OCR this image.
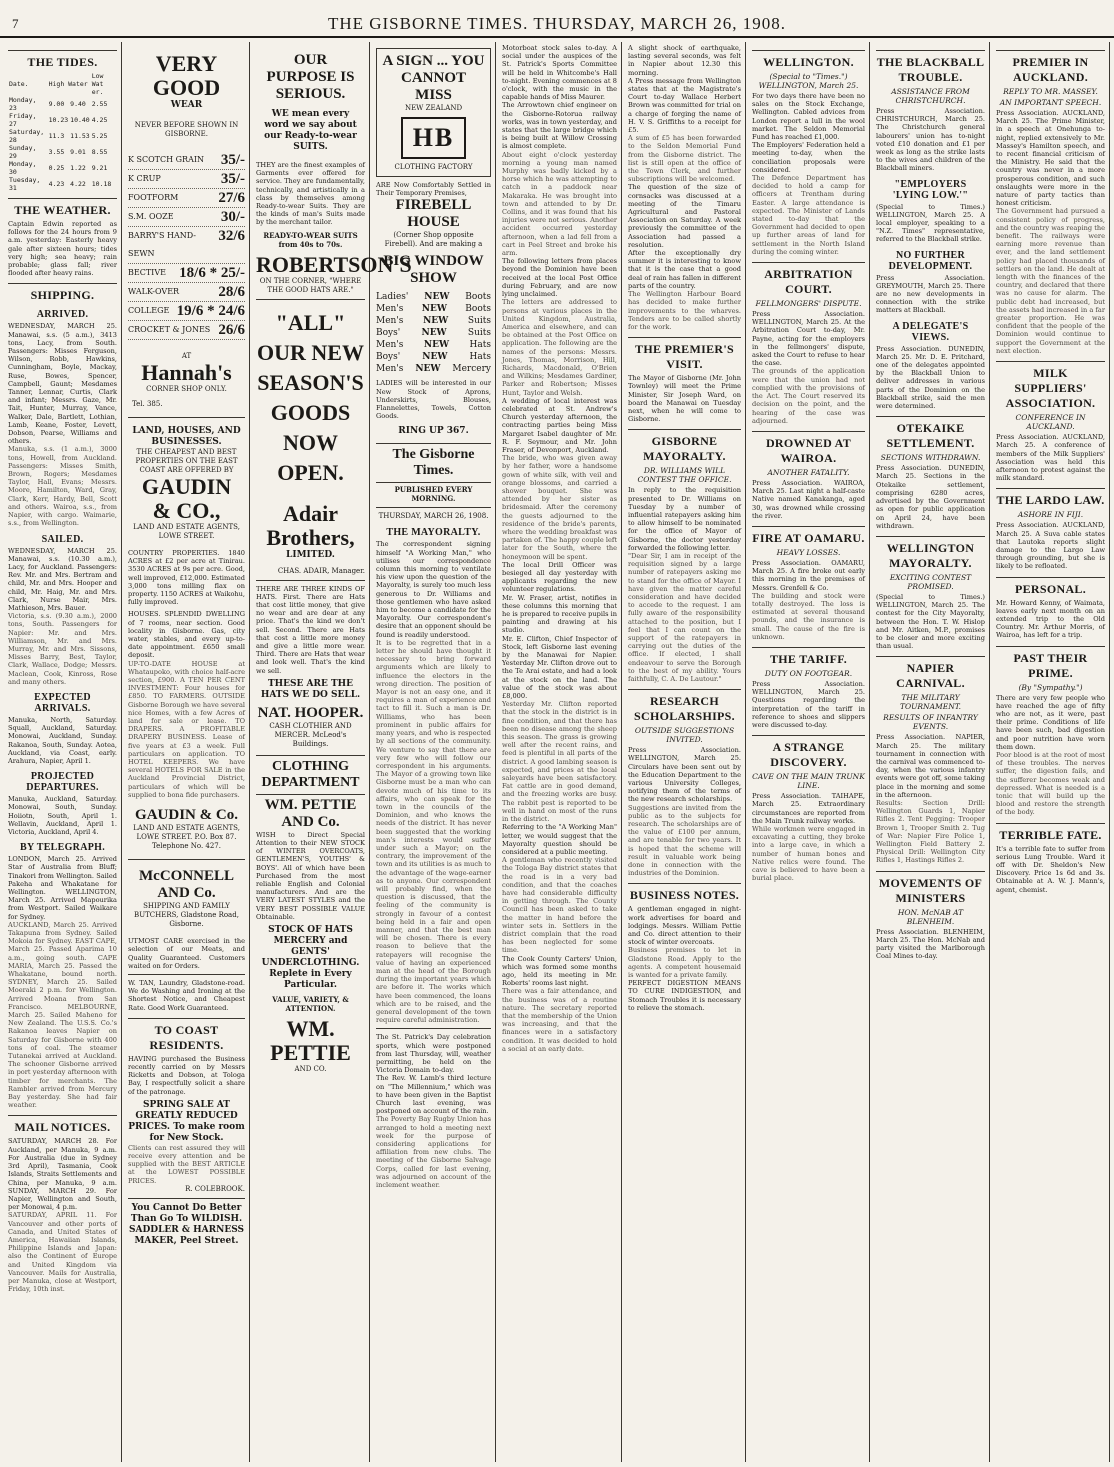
THE GISBORNE TIMES. THURSDAY, MARCH 26, 1908.
7
THE TIDES.
Date.	High Water		Low Wat er.
Monday, 23	9.00	9.40	2.55
Friday, 27	10.23	10.40	4.25
Saturday, 28	11.3	11.53	5.25
Sunday, 29	3.55	9.01	8.55
Monday, 30	0.25	1.22	9.21
Tuesday, 31	4.23	4.22	10.18
THE WEATHER.
Captain Edwin reported as follows for the 24 hours from 9 a.m. yesterday: Easterly heavy gale after sixteen hours; tides very high; sea heavy; rain probable; glass fall; river flooded after heavy rains.
SHIPPING.
ARRIVED.
WEDNESDAY, MARCH 25. Manawai, s.s. (5 a.m.), 3413 tons, Lacy, from South. Passengers: Misses Ferguson, Wilson, Robb, Hawkins, Cunningham, Boyle, Mackay, Ruse, Bowes, Spencer, Campbell, Gaunt; Mesdames Tanner, Lennar, Curtis, Clark and infant; Messrs. Gaze, Mr. Tait, Hunter, Murray, Vance, Walker, Dale, Bartlett, Lothian, Lamb, Keane, Foster, Levett, Dobson, Pearse, Williams and others.
Manuka, s.s. (1 a.m.), 3000 tons, Howell, from Auckland. Passengers: Misses Smith, Brown, Rogers; Mesdames Taylor, Hall, Evans; Messrs. Moore, Hamilton, Ward, Gray, Clark, Kerr, Hardy, Bell, Scott and others. Wairoa, s.s., from Napier, with cargo. Waimarie, s.s., from Wellington.
SAILED.
WEDNESDAY, MARCH 25. Manawai, s.s. (10.30 a.m.), Lacy, for Auckland. Passengers: Rev. Mr. and Mrs. Bertram and child, Mr. and Mrs. Hooper and child, Mr. Haig, Mr. and Mrs. Clark, Nurse Mair, Mrs. Mathieson, Mrs. Bauer.
Victoria, s.s. (9.30 a.m.), 2000 tons, South. Passengers for Napier: Mr. and Mrs. Williamson, Mr. and Mrs. Murray, Mr. and Mrs. Sissons, Misses Barry, Best, Taylor, Clark, Wallace, Dodge; Messrs. Maclean, Cook, Kinross, Rose and many others.
EXPECTED ARRIVALS.
Manuka, North, Saturday. Squall, Auckland, Saturday. Monowai, Auckland, Sunday. Rakanoa, South, Sunday. Aotea, Auckland, via Coast, early. Arahura, Napier, April 1.
PROJECTED DEPARTURES.
Manuka, Auckland, Saturday. Monowai, South, Sunday. Hoiiotn, South, April 1. Wellavin, Auckland, April 1. Victoria, Auckland, April 4.
BY TELEGRAPH.
LONDON, March 25. Arrived Star of Australia from Bluff; Tinakori from Wellington. Sailed Pakeha and Whakatane for Wellington. WELLINGTON, March 25. Arrived Mapourika from Westport. Sailed Waikare for Sydney.
AUCKLAND, March 25. Arrived Takapuna from Sydney. Sailed Mokoia for Sydney. EAST CAPE, March 25. Passed Aparima 10 a.m., going south. CAPE MARIA, March 25. Passed the Whakatane, bound north. SYDNEY, March 25. Sailed Moeraki 2 p.m. for Wellington. Arrived Moana from San Francisco. MELBOURNE, March 25. Sailed Maheno for New Zealand. The U.S.S. Co.'s Rakanoa leaves Napier on Saturday for Gisborne with 400 tons of coal. The steamer Tutanekai arrived at Auckland. The schooner Gisborne arrived in port yesterday afternoon with timber for merchants. The Rambler arrived from Mercury Bay yesterday. She had fair weather.
MAIL NOTICES.
SATURDAY, MARCH 28. For Auckland, per Manuka, 9 a.m. For Australia (due in Sydney 3rd April), Tasmania, Cook Islands, Straits Settlements and China, per Manuka, 9 a.m. SUNDAY, MARCH 29. For Napier, Wellington and South, per Monowai, 4 p.m.
SATURDAY, APRIL 11. For Vancouver and other ports of Canada, and United States of America, Hawaiian Islands, Philippine Islands and Japan: also the Continent of Europe and United Kingdom via Vancouver. Mails for Australia, per Manuka, close at Westport, Friday, 10th inst.
VERY GOOD
WEAR
NEVER BEFORE SHOWN IN GISBORNE.
K SCOTCH GRAIN 35/-
K CRUP	35/-
FOOTFORM	27/6
S.M. OOZE	30/-
BARRY'S HAND-SEWN
32/6
BECTIVE 18/6 * 25/-
WALK-OVER	28/6
COLLEGE 19/6 * 24/6
CROCKET & JONES 26/6
AT
Hannah's
CORNER SHOP ONLY.
Tel. 385.
LAND, HOUSES, AND BUSINESSES.
THE CHEAPEST AND BEST PROPERTIES ON THE EAST COAST ARE OFFERED BY
GAUDIN & CO.,
LAND AND ESTATE AGENTS, LOWE STREET.
COUNTRY PROPERTIES. 1840 ACRES at £2 per acre at Tinirau. 3530 ACRES at 9s per acre. Good, well improved, £12,000. Estimated 3,000 tons milling flax on property. 1150 ACRES at Waikohu, fully improved.
HOUSES. SPLENDID DWELLING of 7 rooms, near section. Good locality in Gisborne. Gas, city water, stables, and every up-to-date appointment. £650 small deposit.
UP-TO-DATE HOUSE at Whataupoko, with choice half-acre section, £900. A TEN PER CENT INVESTMENT: Four houses for £850. TO FARMERS. OUTSIDE Gisborne Borough we have several nice Homes, with a few Acres of land for sale or lease. TO DRAPERS. A PROFITABLE DRAPERY BUSINESS. Lease of five years at £3 a week. Full particulars on application. TO HOTEL KEEPERS. We have several HOTELS FOR SALE in the Auckland Provincial District, particulars of which will be supplied to bona fide purchasers.
GAUDIN & Co.
LAND AND ESTATE AGENTS, LOWE STREET. P.O. Box 87. Telephone No. 427.
McCONNELL AND Co.
SHIPPING AND FAMILY BUTCHERS, Gladstone Road, Gisborne.
UTMOST CARE exercised in the selection of our Meats, and Quality Guaranteed. Customers waited on for Orders.
W. TAN, Laundry, Gladstone-road. We do Washing and Ironing at the Shortest Notice, and Cheapest Rate. Good Work Guaranteed.
TO COAST RESIDENTS.
HAVING purchased the Business recently carried on by Messrs Ricketts and Dobson, at Tologa Bay, I respectfully solicit a share of the patronage.
SPRING SALE AT GREATLY REDUCED PRICES. To make room for New Stock.
Clients can rest assured they will receive every attention and be supplied with the BEST ARTICLE at the LOWEST POSSIBLE PRICES.
R. COLEBROOK.
You Cannot Do Better Than Go To WILDISH. SADDLER & HARNESS MAKER, Peel Street.
OUR PURPOSE IS SERIOUS.
WE mean every word we say about our Ready-to-wear SUITS.
THEY are the finest examples of Garments ever offered for service. They are fundamentally, technically, and artistically in a class by themselves among Ready-to-wear Suits. They are the kinds of man's Suits made by the merchant tailor.
READY-TO-WEAR SUITS from 40s to 70s.
ROBERTSON'S
ON THE CORNER, "WHERE THE GOOD HATS ARE."
"ALL" OUR NEW SEASON'S GOODS NOW OPEN.
Adair Brothers,
LIMITED.
CHAS. ADAIR, Manager.
THERE ARE THREE KINDS OF HATS. First. There are Hats that cost little money, that give no wear and are dear at any price. That's the kind we don't sell. Second. There are Hats that cost a little more money and give a little more wear. Third. There are Hats that wear and look well. That's the kind we sell.
THESE ARE THE HATS WE DO SELL.
NAT. HOOPER.
CASH CLOTHIER AND MERCER. McLeod's Buildings.
CLOTHING DEPARTMENT
WM. PETTIE AND Co.
WISH to Direct Special Attention to their NEW STOCK of WINTER OVERCOATS, GENTLEMEN'S, YOUTHS' & BOYS'. All of which have been Purchased from the most reliable English and Colonial manufacturers. And are the VERY LATEST STYLES and the VERY BEST POSSIBLE VALUE Obtainable.
STOCK OF HATS MERCERY and GENTS' UNDERCLOTHING. Replete in Every Particular.
VALUE, VARIETY, & ATTENTION.
WM. PETTIE
AND CO.
A SIGN ... YOU CANNOT MISS
NEW ZEALAND
HB
CLOTHING FACTORY
ARE Now Comfortably Settled in Their Temporary Premises,
FIREBELL HOUSE
(Corner Shop opposite Firebell). And are making a
BIG WINDOW SHOW
Ladies' NEW Boots
Men's NEW Boots
Men's NEW Suits
Boys' NEW Suits
Men's NEW Hats
Boys' NEW Hats
Men's NEW Mercery
LADIES will be interested in our New Stock of Aprons, Underskirts, Blouses, Flannelettes, Towels, Cotton Goods.
RING UP 367.
The Gisborne Times.
PUBLISHED EVERY MORNING.
THURSDAY, MARCH 26, 1908.
THE MAYORALTY.
The correspondent signing himself "A Working Man," who utilises our correspondence column this morning to ventilate his view upon the question of the Mayoralty, is surely too much less generous to Dr. Williams and those gentlemen who have asked him to become a candidate for the Mayoralty. Our correspondent's desire that an opponent should be found is readily understood.
It is to be regretted that in a letter he should have thought it necessary to bring forward arguments which are likely to influence the electors in the wrong direction. The position of Mayor is not an easy one, and it requires a man of experience and tact to fill it. Such a man is Dr. Williams, who has been prominent in public affairs for many years, and who is respected by all sections of the community. We venture to say that there are very few who will follow our correspondent in his arguments. The Mayor of a growing town like Gisborne must be a man who can devote much of his time to its affairs, who can speak for the town in the councils of the Dominion, and who knows the needs of the district. It has never been suggested that the working man's interests would suffer under such a Mayor; on the contrary, the improvement of the town and its utilities is as much to the advantage of the wage-earner as to anyone. Our correspondent will probably find, when the question is discussed, that the feeling of the community is strongly in favour of a contest being held in a fair and open manner, and that the best man will be chosen. There is every reason to believe that the ratepayers will recognise the value of having an experienced man at the head of the Borough during the important years which are before it. The works which have been commenced, the loans which are to be raised, and the general development of the town require careful administration.
The St. Patrick's Day celebration sports, which were postponed from last Thursday, will, weather permitting, be held on the Victoria Domain to-day.
The Rev. W. Lamb's third lecture on "The Millennium," which was to have been given in the Baptist Church last evening, was postponed on account of the rain.
The Poverty Bay Rugby Union has arranged to hold a meeting next week for the purpose of considering applications for affiliation from new clubs. The meeting of the Gisborne Salvage Corps, called for last evening, was adjourned on account of the inclement weather.
Motorboat stock sales to-day. A social under the auspices of the St. Patrick's Sports Committee will be held in Whitcombe's Hall to-night. Evening commences at 8 o'clock, with the music in the capable hands of Miss Maurer.
The Arrowtown chief engineer on the Gisborne-Rotorua railway works, was in town yesterday, and states that the large bridge which is being built at Willow Crossing is almost complete.
About eight o'clock yesterday morning a young man named Murphy was badly kicked by a horse which he was attempting to catch in a paddock near Makaraka. He was brought into town and attended to by Dr. Collins, and it was found that his injuries were not serious. Another accident occurred yesterday afternoon, when a lad fell from a cart in Peel Street and broke his arm.
The following letters from places beyond the Dominion have been received at the local Post Office during February, and are now lying unclaimed.
The letters are addressed to persons at various places in the United Kingdom, Australia, America and elsewhere, and can be obtained at the Post Office on application. The following are the names of the persons: Messrs. Jones, Thomas, Morrison, Hill, Richards, Macdonald, O'Brien and Wilkins; Mesdames Gardiner, Parker and Robertson; Misses Hunt, Taylor and Welsh.
A wedding of local interest was celebrated at St. Andrew's Church yesterday afternoon, the contracting parties being Miss Margaret Isabel daughter of Mr. R. F. Seymour, and Mr. John Fraser, of Devonport, Auckland.
The bride, who was given away by her father, wore a handsome gown of white silk, with veil and orange blossoms, and carried a shower bouquet. She was attended by her sister as bridesmaid. After the ceremony the guests adjourned to the residence of the bride's parents, where the wedding breakfast was partaken of. The happy couple left later for the South, where the honeymoon will be spent.
The local Drill Officer was besieged all day yesterday with applicants regarding the new volunteer regulations.
Mr. W. Fraser, artist, notifies in these columns this morning that he is prepared to receive pupils in painting and drawing at his studio.
Mr. E. Clifton, Chief Inspector of Stock, left Gisborne last evening by the Manawai for Napier. Yesterday Mr. Clifton drove out to the Te Arai estate, and had a look at the stock on the land. The value of the stock was about £8,000.
Yesterday Mr. Clifton reported that the stock in the district is in fine condition, and that there has been no disease among the sheep this season. The grass is growing well after the recent rains, and feed is plentiful in all parts of the district. A good lambing season is expected, and prices at the local saleyards have been satisfactory. Fat cattle are in good demand, and the freezing works are busy. The rabbit pest is reported to be well in hand on most of the runs in the district.
Referring to the "A Working Man" letter, we would suggest that the Mayoralty question should be considered at a public meeting.
A gentleman who recently visited the Tologa Bay district states that the road is in a very bad condition, and that the coaches have had considerable difficulty in getting through. The County Council has been asked to take the matter in hand before the winter sets in. Settlers in the district complain that the road has been neglected for some time.
The Cook County Carters' Union, which was formed some months ago, held its meeting in Mr. Roberts' rooms last night.
There was a fair attendance, and the business was of a routine nature. The secretary reported that the membership of the Union was increasing, and that the finances were in a satisfactory condition. It was decided to hold a social at an early date.
A slight shock of earthquake, lasting several seconds, was felt in Napier about 12.30 this morning.
A Press message from Wellington states that at the Magistrate's Court to-day Wallace Herbert Brown was committed for trial on a charge of forging the name of H. V. S. Griffiths to a receipt for £5.
A sum of £5 has been forwarded to the Seldon Memorial Fund from the Gisborne district. The list is still open at the office of the Town Clerk, and further subscriptions will be welcomed.
The question of the size of cornsacks was discussed at a meeting of the Timaru Agricultural and Pastoral Association on Saturday. A week previously the committee of the Association had passed a resolution.
After the exceptionally dry summer it is interesting to know that it is the case that a good deal of rain has fallen in different parts of the country.
The Wellington Harbour Board has decided to make further improvements to the wharves. Tenders are to be called shortly for the work.
THE PREMIER'S VISIT.
The Mayor of Gisborne (Mr. John Townley) will meet the Prime Minister, Sir Joseph Ward, on board the Manawai on Tuesday next, when he will come to Gisborne.
GISBORNE MAYORALTY.
DR. WILLIAMS WILL CONTEST THE OFFICE.
In reply to the requisition presented to Dr. Williams on Tuesday by a number of influential ratepayers asking him to allow himself to be nominated for the office of Mayor of Gisborne, the doctor yesterday forwarded the following letter.
"Dear Sir, I am in receipt of the requisition signed by a large number of ratepayers asking me to stand for the office of Mayor. I have given the matter careful consideration and have decided to accede to the request. I am fully aware of the responsibility attached to the position, but I feel that I can count on the support of the ratepayers in carrying out the duties of the office. If elected, I shall endeavour to serve the Borough to the best of my ability. Yours faithfully, C. A. De Lautour."
RESEARCH SCHOLARSHIPS.
OUTSIDE SUGGESTIONS INVITED.
Press Association. WELLINGTON, March 25. Circulars have been sent out by the Education Department to the various University Colleges, notifying them of the terms of the new research scholarships.
Suggestions are invited from the public as to the subjects for research. The scholarships are of the value of £100 per annum, and are tenable for two years. It is hoped that the scheme will result in valuable work being done in connection with the industries of the Dominion.
BUSINESS NOTES.
A gentleman engaged in night-work advertises for board and lodgings. Messrs. William Pettie and Co. direct attention to their stock of winter overcoats.
Business premises to let in Gladstone Road. Apply to the agents. A competent housemaid is wanted for a private family.
PERFECT DIGESTION MEANS TO CURE INDIGESTION, and Stomach Troubles it is necessary to relieve the stomach.
WELLINGTON.
(Special to "Times.") WELLINGTON, March 25.
For two days there have been no sales on the Stock Exchange, Wellington. Cabled advices from London report a lull in the wool market. The Seldon Memorial Fund has reached £1,000.
The Employers' Federation held a meeting to-day, when the conciliation proposals were considered.
The Defence Department has decided to hold a camp for officers at Trentham during Easter. A large attendance is expected. The Minister of Lands stated to-day that the Government had decided to open up further areas of land for settlement in the North Island during the coming winter.
ARBITRATION COURT.
FELLMONGERS' DISPUTE.
Press Association. WELLINGTON, March 25. At the Arbitration Court to-day, Mr. Payne, acting for the employers in the fellmongers' dispute, asked the Court to refuse to hear the case.
The grounds of the application were that the union had not complied with the provisions of the Act. The Court reserved its decision on the point, and the hearing of the case was adjourned.
DROWNED AT WAIROA.
ANOTHER FATALITY.
Press Association. WAIROA, March 25. Last night a half-caste Native named Kanakanga, aged 30, was drowned while crossing the river.
FIRE AT OAMARU.
HEAVY LOSSES.
Press Association. OAMARU, March 25. A fire broke out early this morning in the premises of Messrs. Grenfell & Co.
The building and stock were totally destroyed. The loss is estimated at several thousand pounds, and the insurance is small. The cause of the fire is unknown.
THE TARIFF.
DUTY ON FOOTGEAR.
Press Association. WELLINGTON, March 25. Questions regarding the interpretation of the tariff in reference to shoes and slippers were discussed to-day.
A STRANGE DISCOVERY.
CAVE ON THE MAIN TRUNK LINE.
Press Association. TAIHAPE, March 25. Extraordinary circumstances are reported from the Main Trunk railway works.
While workmen were engaged in excavating a cutting, they broke into a large cave, in which a number of human bones and Native relics were found. The cave is believed to have been a burial place.
THE BLACKBALL TROUBLE.
ASSISTANCE FROM CHRISTCHURCH.
Press Association. CHRISTCHURCH, March 25. The Christchurch general labourers' union has to-night voted £10 donation and £1 per week as long as the strike lasts to the wives and children of the Blackball miners.
"EMPLOYERS 'LYING LOW.'"
(Special to Times.) WELLINGTON, March 25. A local employer, speaking to a "N.Z. Times" representative, referred to the Blackball strike.
NO FURTHER DEVELOPMENT.
Press Association. GREYMOUTH, March 25. There are no new developments in connection with the strike matters at Blackball.
A DELEGATE'S VIEWS.
Press Association. DUNEDIN, March 25. Mr. D. E. Pritchard, one of the delegates appointed by the Blackball Union to deliver addresses in various parts of the Dominion on the Blackball strike, said the men were determined.
OTEKAIKE SETTLEMENT.
SECTIONS WITHDRAWN.
Press Association. DUNEDIN, March 25. Sections in the Otekaike settlement, comprising 6280 acres, advertised by the Government as open for public application on April 24, have been withdrawn.
WELLINGTON MAYORALTY.
EXCITING CONTEST PROMISED.
(Special to Times.) WELLINGTON, March 25. The contest for the City Mayoralty, between the Hon. T. W. Hislop and Mr. Aitken, M.P., promises to be closer and more exciting than usual.
NAPIER CARNIVAL.
THE MILITARY TOURNAMENT.
RESULTS OF INFANTRY EVENTS.
Press Association. NAPIER, March 25. The military tournament in connection with the carnival was commenced to-day, when the various infantry events were got off, some taking place in the morning and some in the afternoon.
Results: Section Drill: Wellington Guards 1, Napier Rifles 2. Tent Pegging: Trooper Brown 1, Trooper Smith 2. Tug of War: Napier Fire Police 1, Wellington Field Battery 2. Physical Drill: Wellington City Rifles 1, Hastings Rifles 2.
MOVEMENTS OF MINISTERS
HON. McNAB AT BLENHEIM.
Press Association. BLENHEIM, March 25. The Hon. McNab and party visited the Marlborough Coal Mines to-day.
PREMIER IN AUCKLAND.
REPLY TO MR. MASSEY.
AN IMPORTANT SPEECH.
Press Association. AUCKLAND, March 25. The Prime Minister, in a speech at Onehunga to-night, replied extensively to Mr. Massey's Hamilton speech, and to recent financial criticism of the Ministry. He said that the country was never in a more prosperous condition, and such onslaughts were more in the nature of party tactics than honest criticism.
The Government had pursued a consistent policy of progress, and the country was reaping the benefit. The railways were earning more revenue than ever, and the land settlement policy had placed thousands of settlers on the land. He dealt at length with the finances of the country, and declared that there was no cause for alarm. The public debt had increased, but the assets had increased in a far greater proportion. He was confident that the people of the Dominion would continue to support the Government at the next election.
MILK SUPPLIERS' ASSOCIATION.
CONFERENCE IN AUCKLAND.
Press Association. AUCKLAND, March 25. A conference of members of the Milk Suppliers' Association was held this afternoon to protest against the milk standard.
THE LARDO LAW.
ASHORE IN FIJI.
Press Association. AUCKLAND, March 25. A Suva cable states that Lautoka reports slight damage to the Largo Law through grounding, but she is likely to be refloated.
PERSONAL.
Mr. Howard Kenny, of Waimata, leaves early next month on an extended trip to the Old Country. Mr. Arthur Morris, of Wairoa, has left for a trip.
PAST THEIR PRIME.
(By "Sympathy.")
There are very few people who have reached the age of fifty who are not, as it were, past their prime. Conditions of life have been such, bad digestion and poor nutrition have worn them down.
Poor blood is at the root of most of these troubles. The nerves suffer, the digestion fails, and the sufferer becomes weak and depressed. What is needed is a tonic that will build up the blood and restore the strength of the body.
TERRIBLE FATE.
It's a terrible fate to suffer from serious Lung Trouble. Ward it off with Dr. Sheldon's New Discovery. Price 1s 6d and 3s. Obtainable at A. W. J. Mann's, agent, chemist.
